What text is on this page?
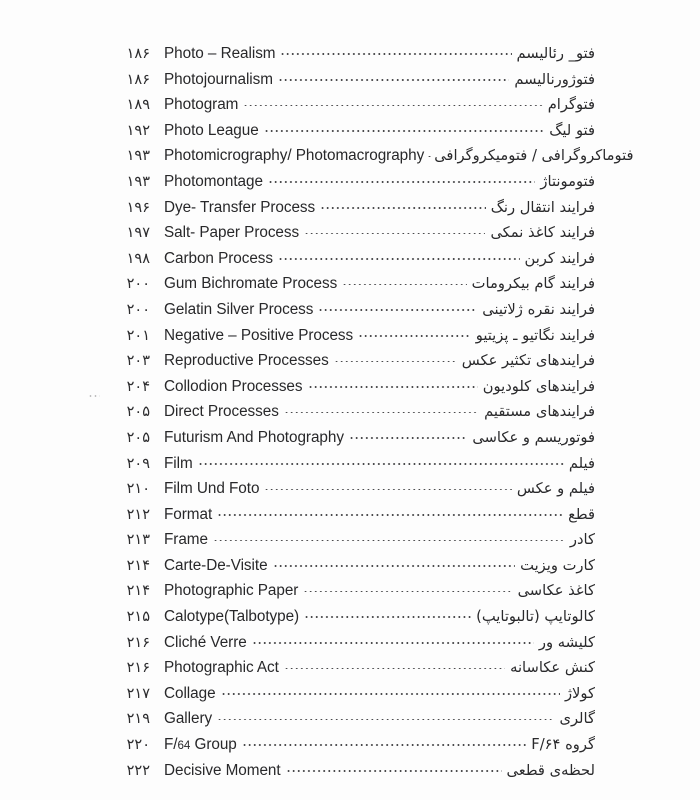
۱۸۶ Photo – Realism	فتو_ رئالیسم
۱۸۶ Photojournalism	فتوژورنالیسم
۱۸۹ Photogram	فتوگرام
۱۹۲ Photo League	فتو لیگ
۱۹۳ Photomicrography/ Photomacrography فتوماکروگرافی / فتومیکروگرافی
۱۹۳ Photomontage	فتومونتاژ
۱۹۶ Dye- Transfer Process	فرایند انتقال رنگ
۱۹۷ Salt- Paper Process	فرایند کاغذ نمکی
۱۹۸ Carbon Process	فرایند کربن
۲۰۰ Gum Bichromate Process	فرایند گام بیکرومات
۲۰۰ Gelatin Silver Process	فرایند نقره ژلاتینی
۲۰۱ Negative – Positive Process	فرایند نگاتیو ـ پزیتیو
۲۰۳ Reproductive Processes	فرایندهای تکثیر عکس
۲۰۴ Collodion Processes	فرایندهای کلودیون
۲۰۵ Direct Processes	فرایندهای مستقیم
۲۰۵ Futurism And Photography	فوتوریسم و عکاسی
۲۰۹ Film	فیلم
۲۱۰ Film Und Foto	فیلم و عکس
۲۱۲ Format	قطع
۲۱۳ Frame	کادر
۲۱۴ Carte-De-Visite	کارت ویزیت
۲۱۴ Photographic Paper	کاغذ عکاسی
۲۱۵ Calotype(Talbotype)	کالوتایپ (تالبوتایپ)
۲۱۶ Cliché Verre	کلیشه ور
۲۱۶ Photographic Act	کنش عکاسانه
۲۱۷ Collage	کولاژ
۲۱۹ Gallery	گالری
۲۲۰ F/64 Group	گروه F/۶۴
۲۲۲ Decisive Moment	لحظه‌ی قطعی
